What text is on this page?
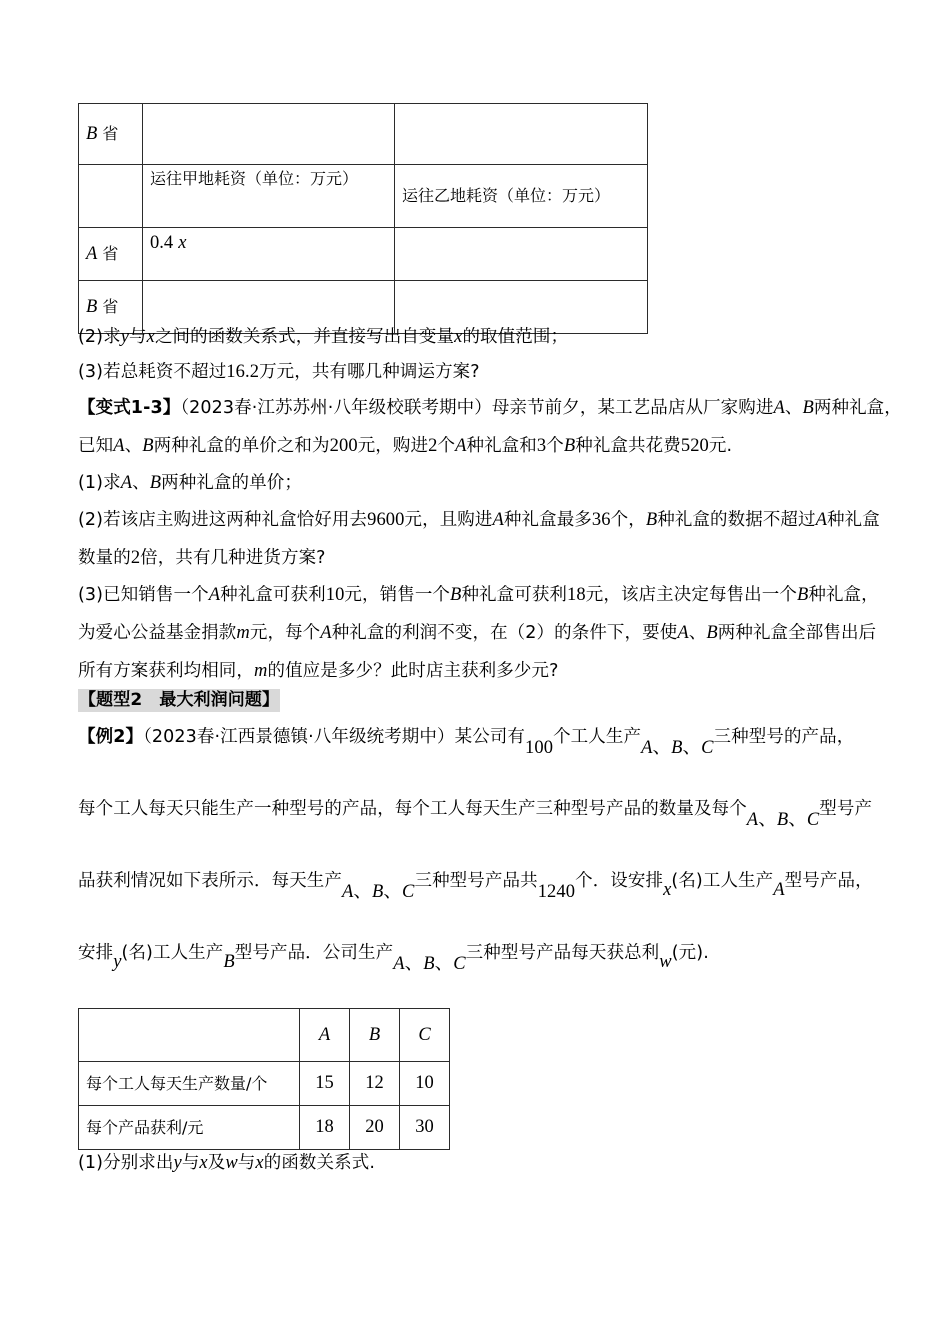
B 省		
	运往甲地耗资（单位：万元）	运往乙地耗资（单位：万元）
A 省	0.4 x	
B 省		
(2)求y与x之间的函数关系式，并直接写出自变量x的取值范围；
(3)若总耗资不超过16.2万元，共有哪几种调运方案?
【变式1-3】（2023春·江苏苏州·八年级校联考期中）母亲节前夕，某工艺品店从厂家购进A、B两种礼盒，
已知A、B两种礼盒的单价之和为200元，购进2个A种礼盒和3个B种礼盒共花费520元.
(1)求A、B两种礼盒的单价；
(2)若该店主购进这两种礼盒恰好用去9600元，且购进A种礼盒最多36个，B种礼盒的数据不超过A种礼盒
数量的2倍，共有几种进货方案?
(3)已知销售一个A种礼盒可获利10元，销售一个B种礼盒可获利18元，该店主决定每售出一个B种礼盒，
为爱心公益基金捐款m元，每个A种礼盒的利润不变，在（2）的条件下，要使A、B两种礼盒全部售出后
所有方案获利均相同，m的值应是多少？此时店主获利多少元?
【题型2　 最大利润问题】
【例2】（2023春·江西景德镇·八年级统考期中）某公司有100个工人生产A、B、C三种型号的产品，
每个工人每天只能生产一种型号的产品，每个工人每天生产三种型号产品的数量及每个A、B、C型号产
品获利情况如下表所示．每天生产A、B、C三种型号产品共1240个．设安排x(名)工人生产A型号产品，
安排y(名)工人生产B型号产品．公司生产A、B、C三种型号产品每天获总利w(元).
	A	B	C
每个工人每天生产数量/个	15	12	10
每个产品获利/元	18	20	30
(1)分别求出y与x及w与x的函数关系式.
